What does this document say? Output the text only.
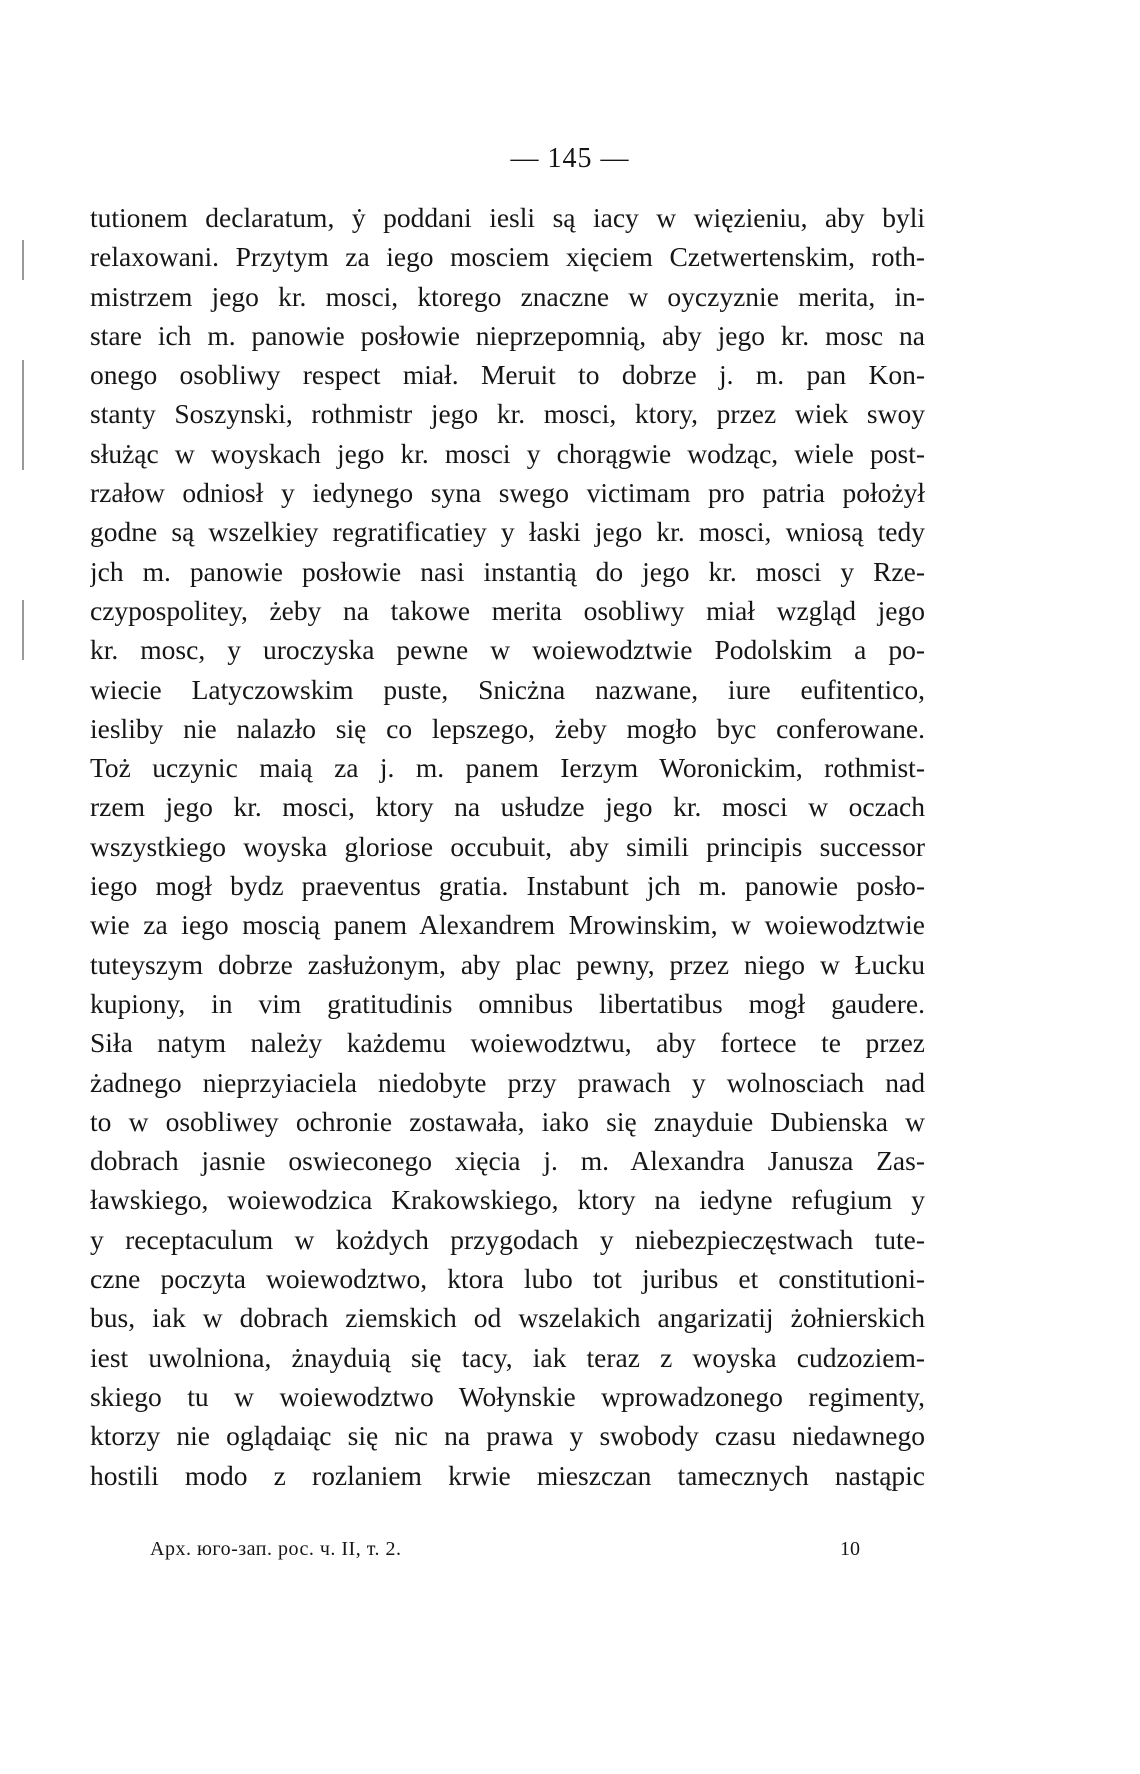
— 145 —
tutionem declaratum, ẏ poddani iesli są iacy w więzieniu, aby byli
relaxowani. Przytym za iego mosciem xięciem Czetwertenskim, roth-
mistrzem jego kr. mosci, ktorego znaczne w oyczyznie merita, in-
stare ich m. panowie posłowie nieprzepomnią, aby jego kr. mosc na
onego osobliwy respect miał. Meruit to dobrze j. m. pan Kon-
stanty Soszynski, rothmistr jego kr. mosci, ktory, przez wiek swoy
służąc w woyskach jego kr. mosci y chorągwie wodząc, wiele post-
rzałow odniosł y iedynego syna swego victimam pro patria położył
godne są wszelkiey regratificatiey y łaski jego kr. mosci, wniosą tedy
jch m. panowie posłowie nasi instantią do jego kr. mosci y Rze-
czypospolitey, żeby na takowe merita osobliwy miał wzgląd jego
kr. mosc, y uroczyska pewne w woiewodztwie Podolskim a po-
wiecie Latyczowskim puste, Snicżna nazwane, iure eufitentico,
iesliby nie nalazło się co lepszego, żeby mogło byc conferowane.
Toż uczynic maią za j. m. panem Ierzym Woronickim, rothmist-
rzem jego kr. mosci, ktory na usłudze jego kr. mosci w oczach
wszystkiego woyska gloriose occubuit, aby simili principis successor
iego mogł bydz praeventus gratia. Instabunt jch m. panowie posło-
wie za iego moscią panem Alexandrem Mrowinskim, w woiewodztwie
tuteyszym dobrze zasłużonym, aby plac pewny, przez niego w Łucku
kupiony, in vim gratitudinis omnibus libertatibus mogł gaudere.
Siła natym należy każdemu woiewodztwu, aby fortece te przez
żadnego nieprzyiaciela niedobyte przy prawach y wolnosciach nad
to w osobliwey ochronie zostawała, iako się znayduie Dubienska w
dobrach jasnie oswieconego xięcia j. m. Alexandra Janusza Zas-
ławskiego, woiewodzica Krakowskiego, ktory na iedyne refugium y
y receptaculum w kożdych przygodach y niebezpieczęstwach tute-
czne poczyta woiewodztwo, ktora lubo tot juribus et constitutioni-
bus, iak w dobrach ziemskich od wszelakich angarizatij żołnierskich
iest uwolniona, żnayduią się tacy, iak teraz z woyska cudzoziem-
skiego tu w woiewodztwo Wołynskie wprowadzonego regimenty,
ktorzy nie oglądaiąc się nic na prawa y swobody czasu niedawnego
hostili modo z rozlaniem krwie mieszczan tamecznych nastąpic
Арх. юго-зап. рос. ч. II, т. 2.	10
